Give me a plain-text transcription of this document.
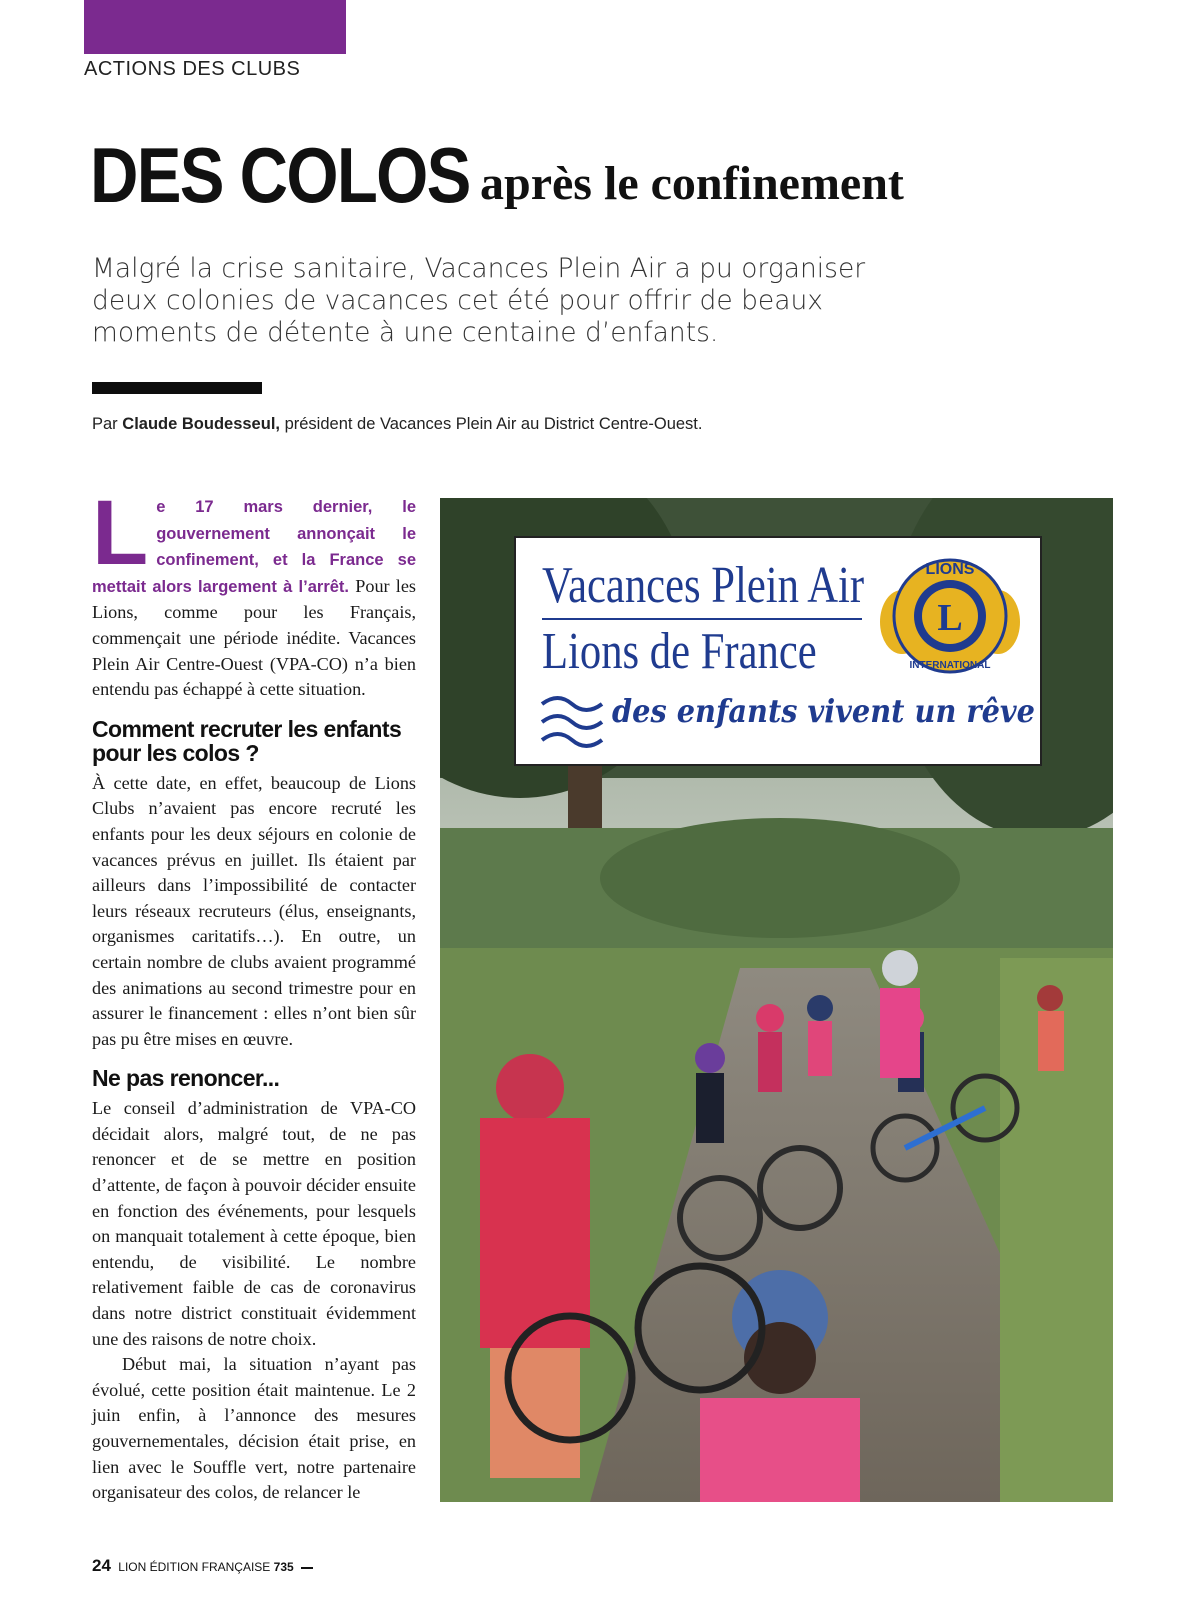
ACTIONS DES CLUBS
DES COLOS après le confinement
Malgré la crise sanitaire, Vacances Plein Air a pu organiser deux colonies de vacances cet été pour offrir de beaux moments de détente à une centaine d’enfants.
Par Claude Boudesseul, président de Vacances Plein Air au District Centre-Ouest.

L e 17 mars dernier, le gouvernement annonçait le confinement, et la France se mettait alors largement à l’arrêt. Pour les Lions, comme pour les Français, commençait une période inédite. Vacances Plein Air Centre-Ouest (VPA-CO) n’a bien entendu pas échappé à cette situation.

Comment recruter les enfants pour les colos ?

À cette date, en effet, beaucoup de Lions Clubs n’avaient pas encore recruté les enfants pour les deux séjours en colonie de vacances prévus en juillet. Ils étaient par ailleurs dans l’impossibilité de contacter leurs réseaux recruteurs (élus, enseignants, organismes caritatifs…). En outre, un certain nombre de clubs avaient programmé des animations au second trimestre pour en assurer le financement : elles n’ont bien sûr pas pu être mises en œuvre.

Ne pas renoncer...

Le conseil d’administration de VPA-CO décidait alors, malgré tout, de ne pas renoncer et de se mettre en position d’attente, de façon à pouvoir décider ensuite en fonction des événements, pour lesquels on manquait totalement à cette époque, bien entendu, de visibilité. Le nombre relativement faible de cas de coronavirus dans notre district constituait évidemment une des raisons de notre choix.

Début mai, la situation n’ayant pas évolué, cette position était maintenue. Le 2 juin enfin, à l’annonce des mesures gouvernementales, décision était prise, en lien avec le Souffle vert, notre partenaire organisateur des colos, de relancer le

Vacances Plein Air
Lions de France
des enfants vivent un rêve
L
LIONS
INTERNATIONAL
24 LION ÉDITION FRANÇAISE 735
